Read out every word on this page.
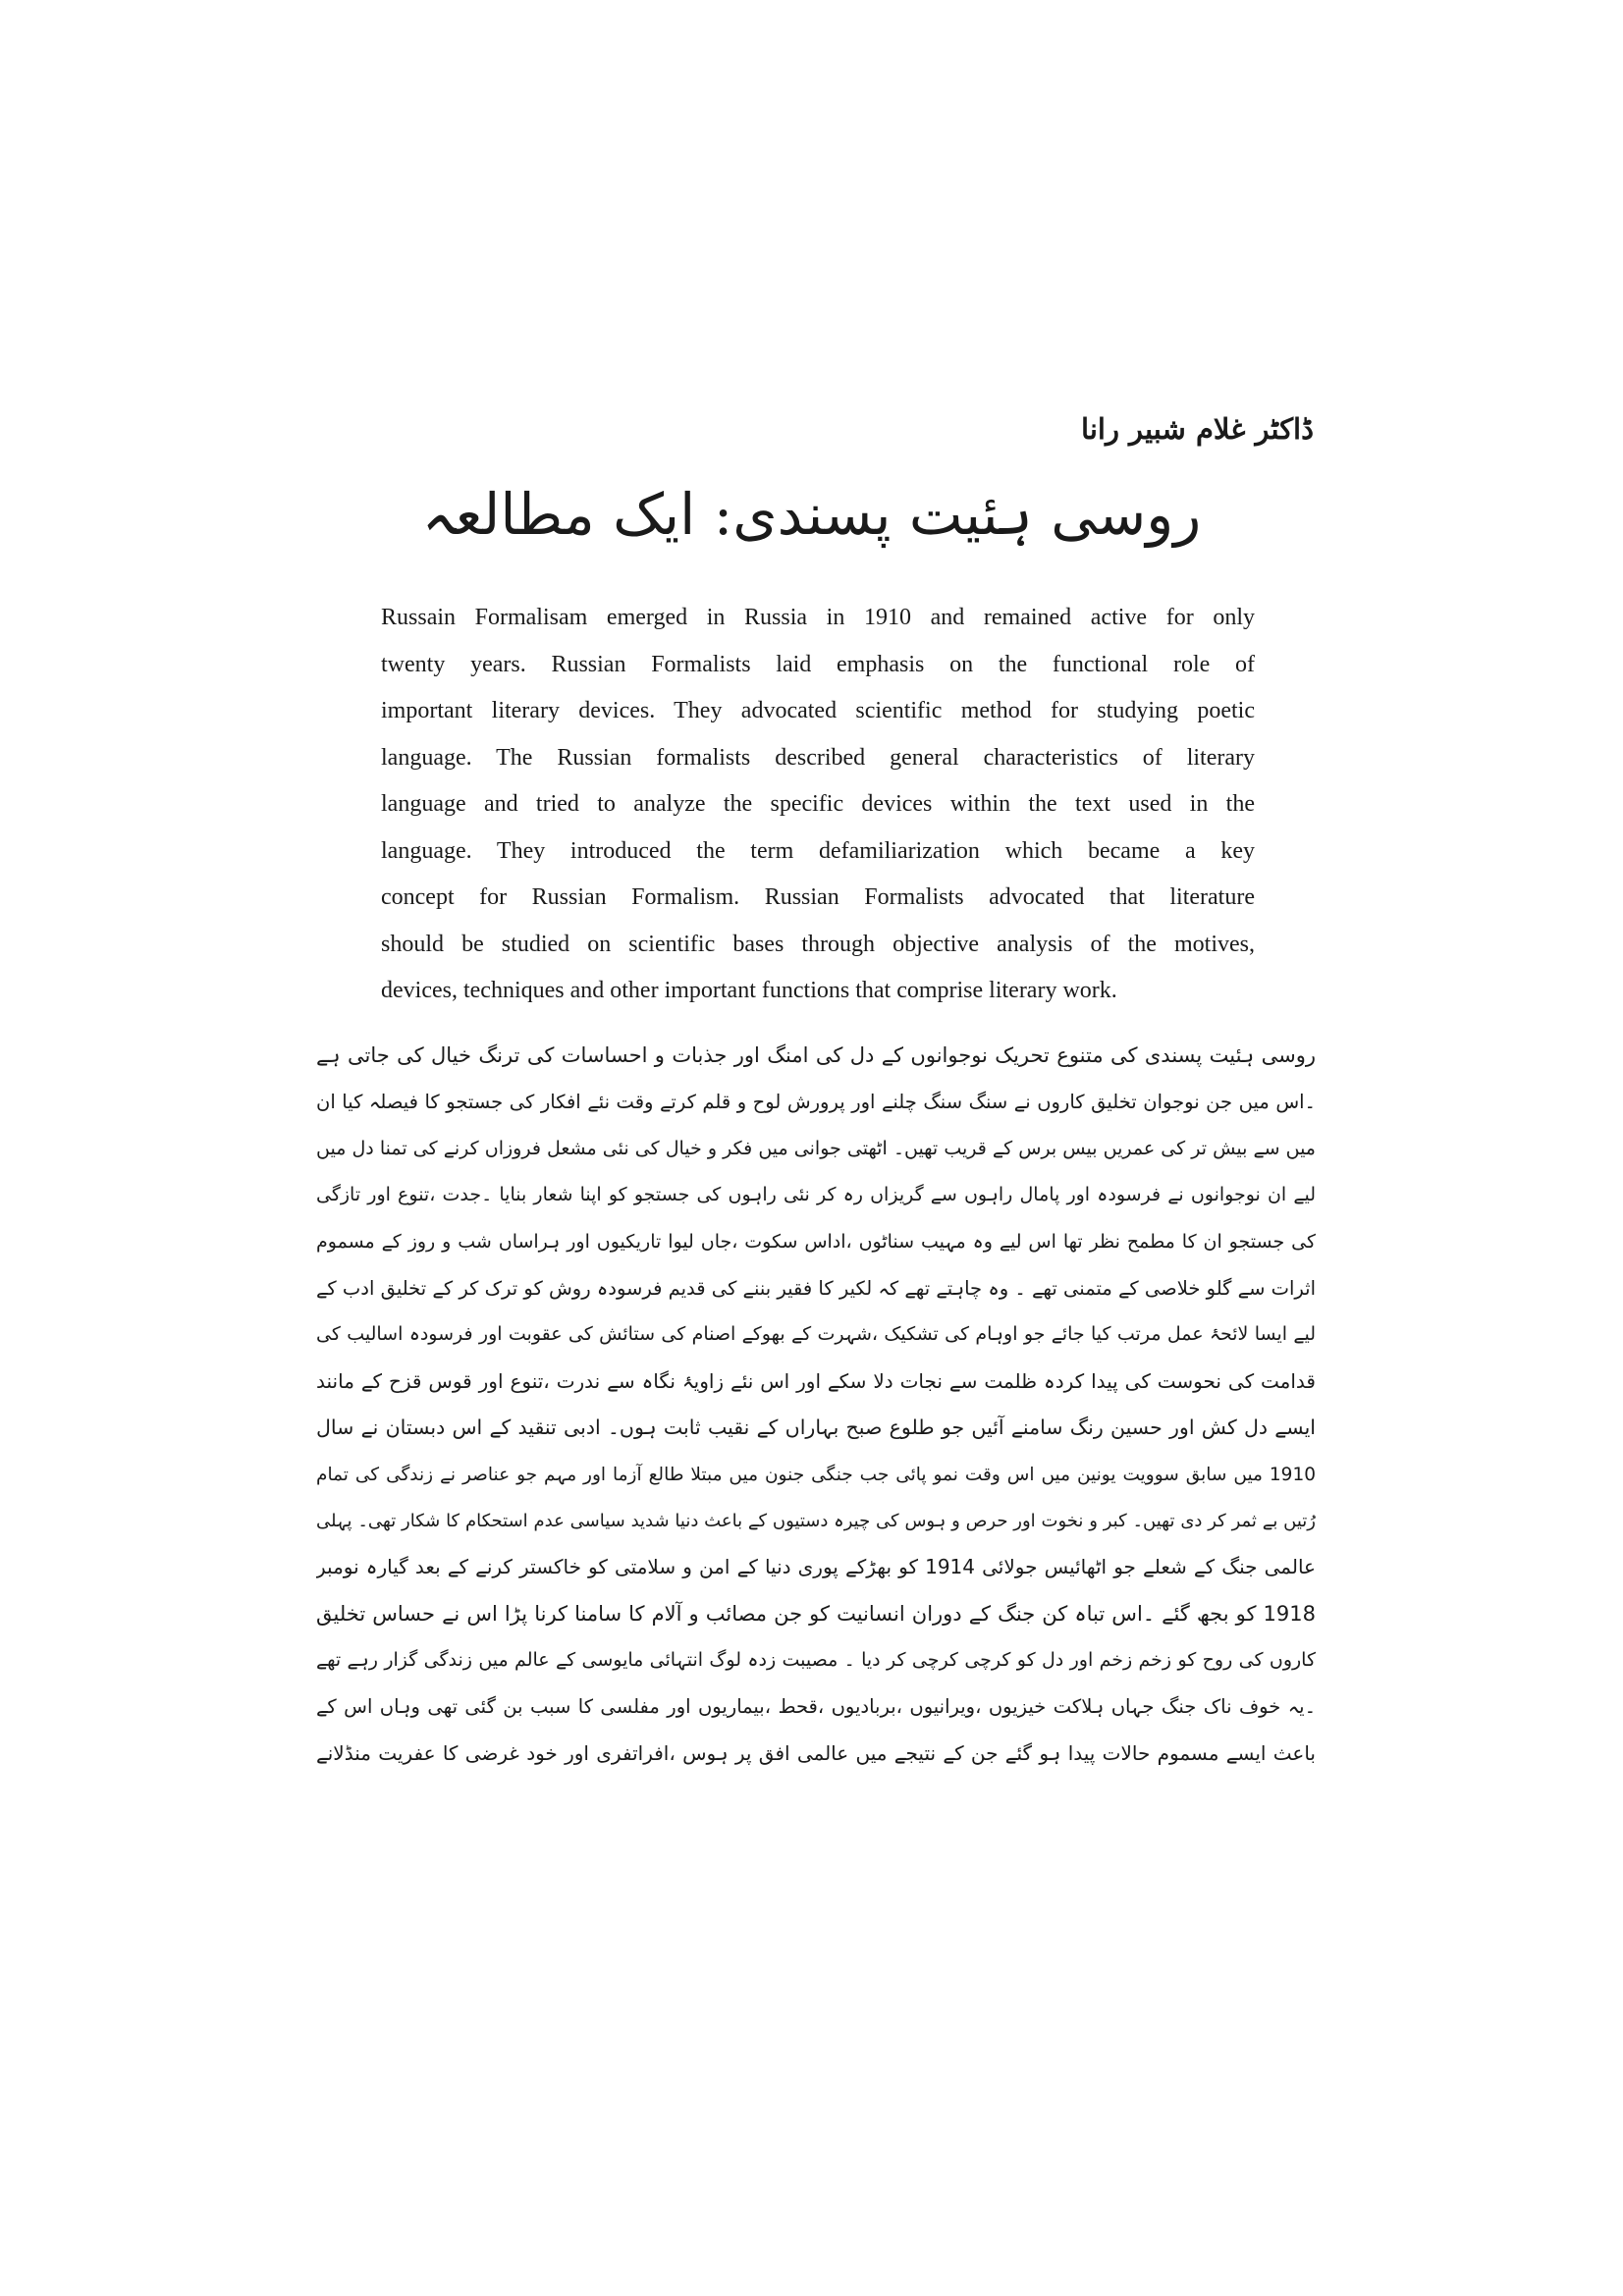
ڈاکٹر غلام شبیر رانا
روسی ہئیت پسندی: ایک مطالعہ
Russain Formalisam emerged in Russia in 1910 and remained active for only
twenty years. Russian Formalists laid emphasis on the functional role of
important literary devices. They advocated scientific method for studying poetic
language. The Russian formalists described general characteristics of literary
language and tried to analyze the specific devices within the text used in the
language. They introduced the term defamiliarization which became a key
concept for Russian Formalism. Russian Formalists advocated that literature
should be studied on scientific bases through objective analysis of the motives,
devices, techniques and other important functions that comprise literary work.
روسی ہئیت پسندی کی متنوع تحریک نوجوانوں کے دل کی امنگ اور جذبات و احساسات کی ترنگ خیال کی جاتی ہے
۔اس میں جن نوجوان تخلیق کاروں نے سنگ سنگ چلنے اور پرورش لوح و قلم کرتے وقت نئے افکار کی جستجو کا فیصلہ کیا ان
میں سے بیش تر کی عمریں بیس برس کے قریب تھیں۔ اٹھتی جوانی میں فکر و خیال کی نئی مشعل فروزاں کرنے کی تمنا دل میں
لیے ان نوجوانوں نے فرسودہ اور پامال راہوں سے گریزاں رہ کر نئی راہوں کی جستجو کو اپنا شعار بنایا ۔جدت ،تنوع اور تازگی
کی جستجو ان کا مطمح نظر تھا اس لیے وہ مہیب سناٹوں ،اداس سکوت ،جاں لیوا تاریکیوں اور ہراساں شب و روز کے مسموم
اثرات سے گلو خلاصی کے متمنی تھے ۔ وہ چاہتے تھے کہ لکیر کا فقیر بننے کی قدیم فرسودہ روش کو ترک کر کے تخلیق ادب کے
لیے ایسا لائحۂ عمل مرتب کیا جائے جو اوہام کی تشکیک ،شہرت کے بھوکے اصنام کی ستائش کی عقوبت اور فرسودہ اسالیب کی
قدامت کی نحوست کی پیدا کردہ ظلمت سے نجات دلا سکے اور اس نئے زاویۂ نگاہ سے ندرت ،تنوع اور قوس قزح کے مانند
ایسے دل کش اور حسین رنگ سامنے آئیں جو طلوع صبح بہاراں کے نقیب ثابت ہوں۔ ادبی تنقید کے اس دبستان نے سال
1910 میں سابق سوویت یونین میں اس وقت نمو پائی جب جنگی جنون میں مبتلا طالع آزما اور مہم جو عناصر نے زندگی کی تمام
رُتیں بے ثمر کر دی تھیں۔ کبر و نخوت اور حرص و ہوس کی چیرہ دستیوں کے باعث دنیا شدید سیاسی عدم استحکام کا شکار تھی۔ پہلی
عالمی جنگ کے شعلے جو اٹھائیس جولائی 1914 کو بھڑکے پوری دنیا کے امن و سلامتی کو خاکستر کرنے کے بعد گیارہ نومبر
1918 کو بجھ گئے ۔اس تباہ کن جنگ کے دوران انسانیت کو جن مصائب و آلام کا سامنا کرنا پڑا اس نے حساس تخلیق
کاروں کی روح کو زخم زخم اور دل کو کرچی کرچی کر دیا ۔ مصیبت زدہ لوگ انتہائی مایوسی کے عالم میں زندگی گزار رہے تھے
۔یہ خوف ناک جنگ جہاں ہلاکت خیزیوں ،ویرانیوں ،بربادیوں ،قحط ،بیماریوں اور مفلسی کا سبب بن گئی تھی وہاں اس کے
باعث ایسے مسموم حالات پیدا ہو گئے جن کے نتیجے میں عالمی افق پر ہوس ،افراتفری اور خود غرضی کا عفریت منڈلانے
